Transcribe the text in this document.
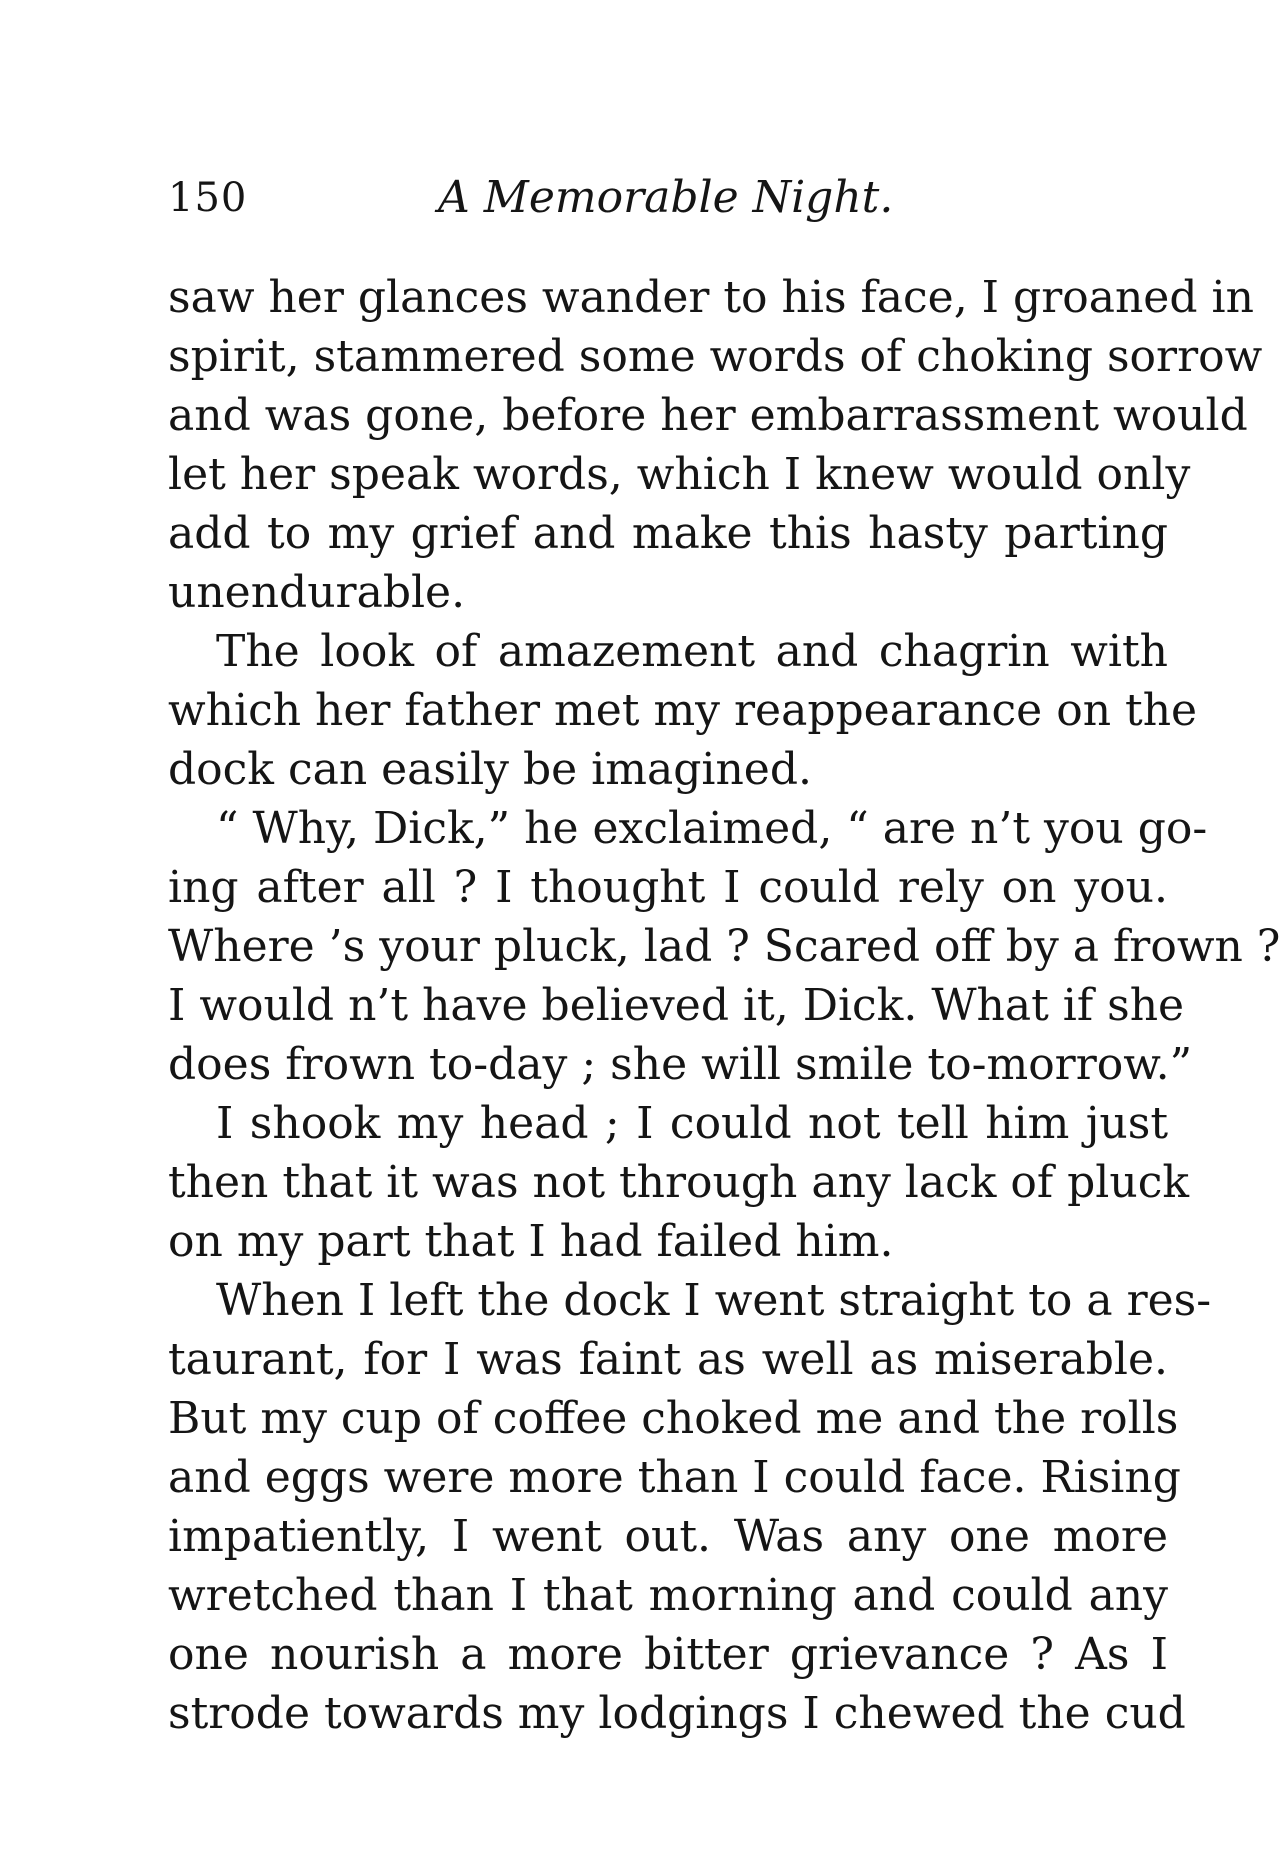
150	A Memorable Night.
saw her glances wander to his face, I groaned in
spirit, stammered some words of choking sorrow
and was gone, before her embarrassment would
let her speak words, which I knew would only
add to my grief and make this hasty parting
unendurable.
The look of amazement and chagrin with
which her father met my reappearance on the
dock can easily be imagined.
“ Why, Dick,” he exclaimed, “ are n’t you go-
ing after all ? I thought I could rely on you.
Where ’s your pluck, lad ? Scared off by a frown ?
I would n’t have believed it, Dick. What if she
does frown to-day ; she will smile to-morrow.”
I shook my head ; I could not tell him just
then that it was not through any lack of pluck
on my part that I had failed him.
When I left the dock I went straight to a res-
taurant, for I was faint as well as miserable.
But my cup of coffee choked me and the rolls
and eggs were more than I could face. Rising
impatiently, I went out. Was any one more
wretched than I that morning and could any
one nourish a more bitter grievance ? As I
strode towards my lodgings I chewed the cud
